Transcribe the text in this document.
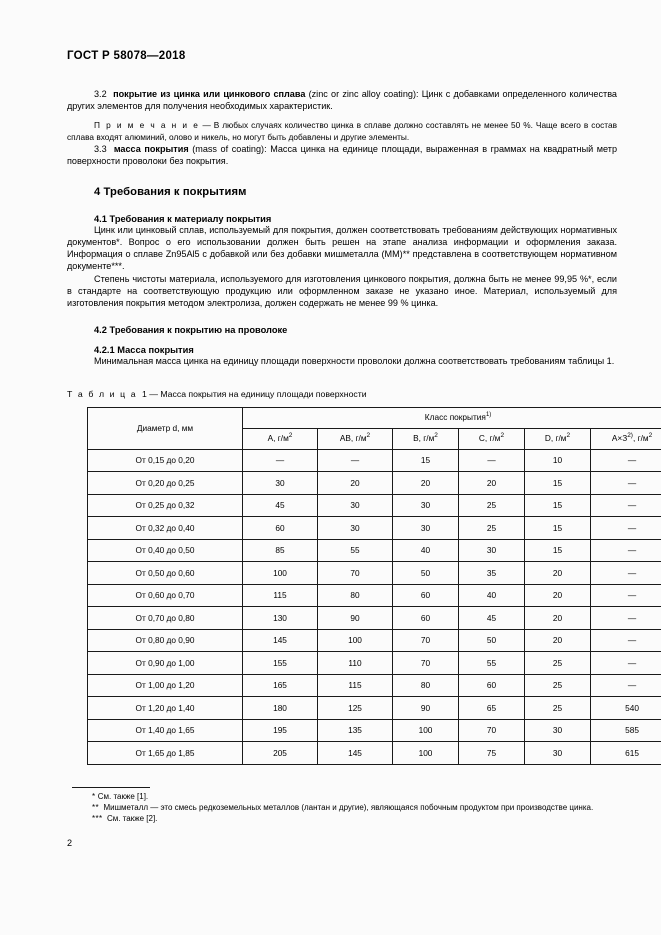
ГОСТ Р 58078—2018

3.2 покрытие из цинка или цинкового сплава (zinc or zinc alloy coating): Цинк с добавками определенного количества других элементов для получения необходимых характеристик.

П р и м е ч а н и е — В любых случаях количество цинка в сплаве должно составлять не менее 50 %. Чаще всего в состав сплава входят алюминий, олово и никель, но могут быть добавлены и другие элементы.

3.3 масса покрытия (mass of coating): Масса цинка на единице площади, выраженная в граммах на квадратный метр поверхности проволоки без покрытия.

4 Требования к покрытиям
4.1 Требования к материалу покрытия

Цинк или цинковый сплав, используемый для покрытия, должен соответствовать требованиям действующих нормативных документов*. Вопрос о его использовании должен быть решен на этапе анализа информации и оформления заказа. Информация о сплаве Zn95Al5 с добавкой или без добавки мишметалла (ММ)** представлена в соответствующем нормативном документе***.

Степень чистоты материала, используемого для изготовления цинкового покрытия, должна быть не менее 99,95 %*, если в стандарте на соответствующую продукцию или оформленном заказе не указано иное. Материал, используемый для изготовления покрытия методом электролиза, должен содержать не менее 99 % цинка.

4.2 Требования к покрытию на проволоке
4.2.1 Масса покрытия

Минимальная масса цинка на единицу площади поверхности проволоки должна соответствовать требованиям таблицы 1.

Т а б л и ц а 1 — Масса покрытия на единицу площади поверхности
Диаметр d, мм	Класс покрытия$^{1)}$
	A, $г/м^2$	AB, $г/м^2$	B, $г/м^2$	C, $г/м^2$	D, $г/м^2$	$А\times З^{2)}$, $г/м^2$
От 0,15 до 0,20	—	—	15	—	10	—
От 0,20 до 0,25	30	20	20	20	15	—
От 0,25 до 0,32	45	30	30	25	15	—
От 0,32 до 0,40	60	30	30	25	15	—
От 0,40 до 0,50	85	55	40	30	15	—
От 0,50 до 0,60	100	70	50	35	20	—
От 0,60 до 0,70	115	80	60	40	20	—
От 0,70 до 0,80	130	90	60	45	20	—
От 0,80 до 0,90	145	100	70	50	20	—
От 0,90 до 1,00	155	110	70	55	25	—
От 1,00 до 1,20	165	115	80	60	25	—
От 1,20 до 1,40	180	125	90	65	25	540
От 1,40 до 1,65	195	135	100	70	30	585
От 1,65 до 1,85	205	145	100	75	30	615

* См. также [1].

** Мишметалл — это смесь редкоземельных металлов (лантан и другие), являющаяся побочным продуктом при производстве цинка.

*** См. также [2].

2
